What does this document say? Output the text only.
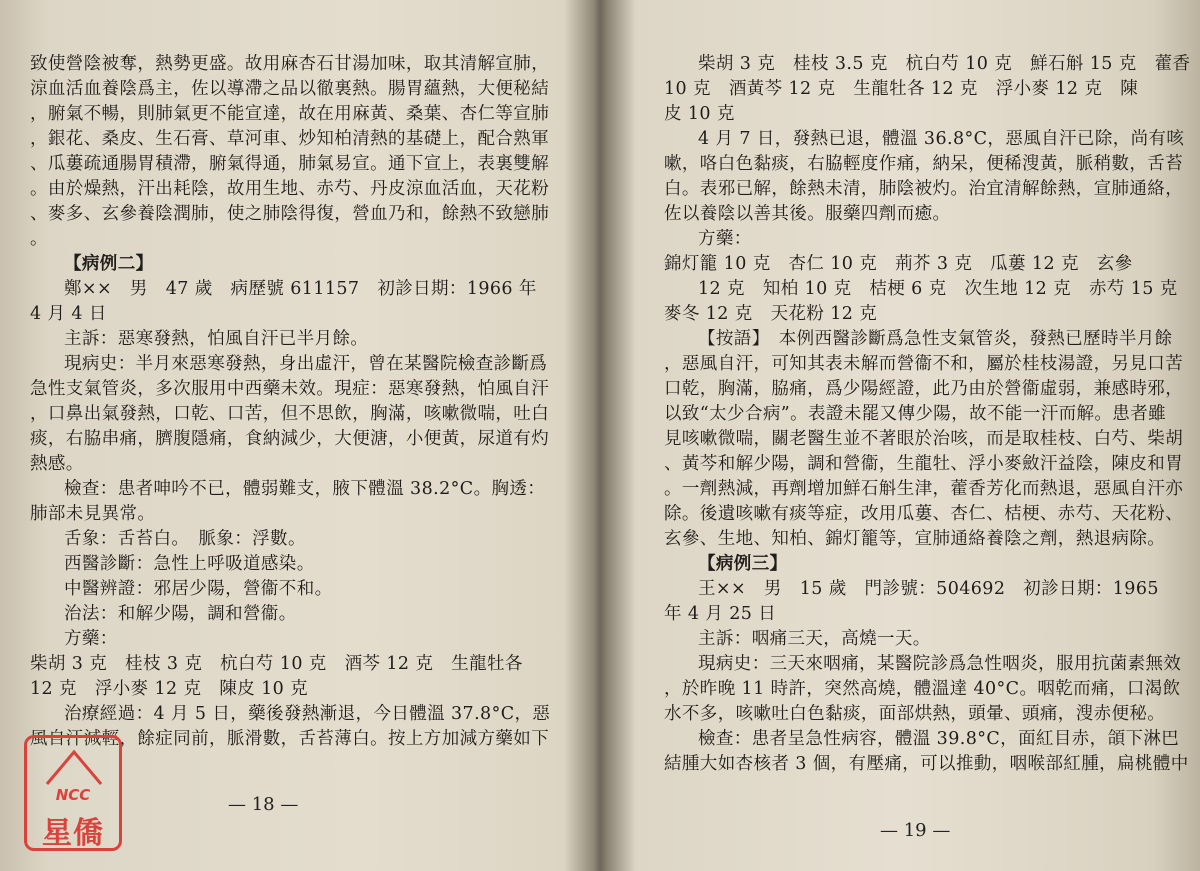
致使營陰被奪，熱勢更盛。故用麻杏石甘湯加味，取其清解宣肺，
涼血活血養陰爲主，佐以導滯之品以徹裏熱。腸胃蘊熱，大便秘結
，腑氣不暢，則肺氣更不能宣達，故在用麻黃、桑葉、杏仁等宣肺
，銀花、桑皮、生石膏、草河車、炒知柏清熱的基礎上，配合熟軍
、瓜蔞疏通腸胃積滯，腑氣得通，肺氣易宣。通下宣上，表裏雙解
。由於燥熱，汗出耗陰，故用生地、赤芍、丹皮涼血活血，天花粉
、麥多、玄參養陰潤肺，使之肺陰得復，營血乃和，餘熱不致戀肺
。
【病例二】
鄭××　男　47 歲　病歷號 611157　初診日期：1966 年
4 月 4 日
主訴：惡寒發熱，怕風自汗已半月餘。
現病史：半月來惡寒發熱，身出虛汗，曾在某醫院檢查診斷爲
急性支氣管炎，多次服用中西藥未效。現症：惡寒發熱，怕風自汗
，口鼻出氣發熱，口乾、口苦，但不思飲，胸滿，咳嗽微喘，吐白
痰，右脇串痛，臍腹隱痛，食納減少，大便溏，小便黃，尿道有灼
熱感。
檢查：患者呻吟不已，體弱難支，腋下體溫 38.2°C。胸透：
肺部未見異常。
舌象：舌苔白。　脈象：浮數。
西醫診斷：急性上呼吸道感染。
中醫辨證：邪居少陽，營衞不和。
治法：和解少陽，調和營衞。
方藥：
柴胡 3 克　桂枝 3 克　杭白芍 10 克　酒芩 12 克　生龍牡各
12 克　浮小麥 12 克　陳皮 10 克
治療經過：4 月 5 日，藥後發熱漸退，今日體溫 37.8°C，惡
風自汗減輕，餘症同前，脈滑數，舌苔薄白。按上方加減方藥如下
— 18 —
柴胡 3 克　桂枝 3.5 克　杭白芍 10 克　鮮石斛 15 克　藿香
10 克　酒黃芩 12 克　生龍牡各 12 克　浮小麥 12 克　陳
皮 10 克
4 月 7 日，發熱已退，體溫 36.8°C，惡風自汗已除，尚有咳
嗽，咯白色黏痰，右脇輕度作痛，納呆，便稀溲黃，脈稍數，舌苔
白。表邪已解，餘熱未清，肺陰被灼。治宜清解餘熱，宣肺通絡，
佐以養陰以善其後。服藥四劑而癒。
方藥：
錦灯籠 10 克　杏仁 10 克　荊芥 3 克　瓜蔞 12 克　玄參
12 克　知柏 10 克　桔梗 6 克　次生地 12 克　赤芍 15 克
麥冬 12 克　天花粉 12 克
【按語】　本例西醫診斷爲急性支氣管炎，發熱已歷時半月餘
，惡風自汗，可知其表未解而營衞不和，屬於桂枝湯證，另見口苦
口乾，胸滿，脇痛，爲少陽經證，此乃由於營衞虛弱，兼感時邪，
以致“太少合病”。表證未罷又傳少陽，故不能一汗而解。患者雖
見咳嗽微喘，關老醫生並不著眼於治咳，而是取桂枝、白芍、柴胡
、黃芩和解少陽，調和營衞，生龍牡、浮小麥斂汗益陰，陳皮和胃
。一劑熱減，再劑增加鮮石斛生津，藿香芳化而熱退，惡風自汗亦
除。後遺咳嗽有痰等症，改用瓜蔞、杏仁、桔梗、赤芍、天花粉、
玄參、生地、知柏、錦灯籠等，宣肺通絡養陰之劑，熱退病除。
【病例三】
王××　男　15 歲　門診號：504692　初診日期：1965
年 4 月 25 日
主訴：咽痛三天，高燒一天。
現病史：三天來咽痛，某醫院診爲急性咽炎，服用抗菌素無效
，於昨晚 11 時許，突然高燒，體溫達 40°C。咽乾而痛，口渴飲
水不多，咳嗽吐白色黏痰，面部烘熱，頭暈、頭痛，溲赤便秘。
檢查：患者呈急性病容，體溫 39.8°C，面紅目赤，頜下淋巴
結腫大如杏核者 3 個，有壓痛，可以推動，咽喉部紅腫，扁桃體中
— 19 —
NCC
星僑
